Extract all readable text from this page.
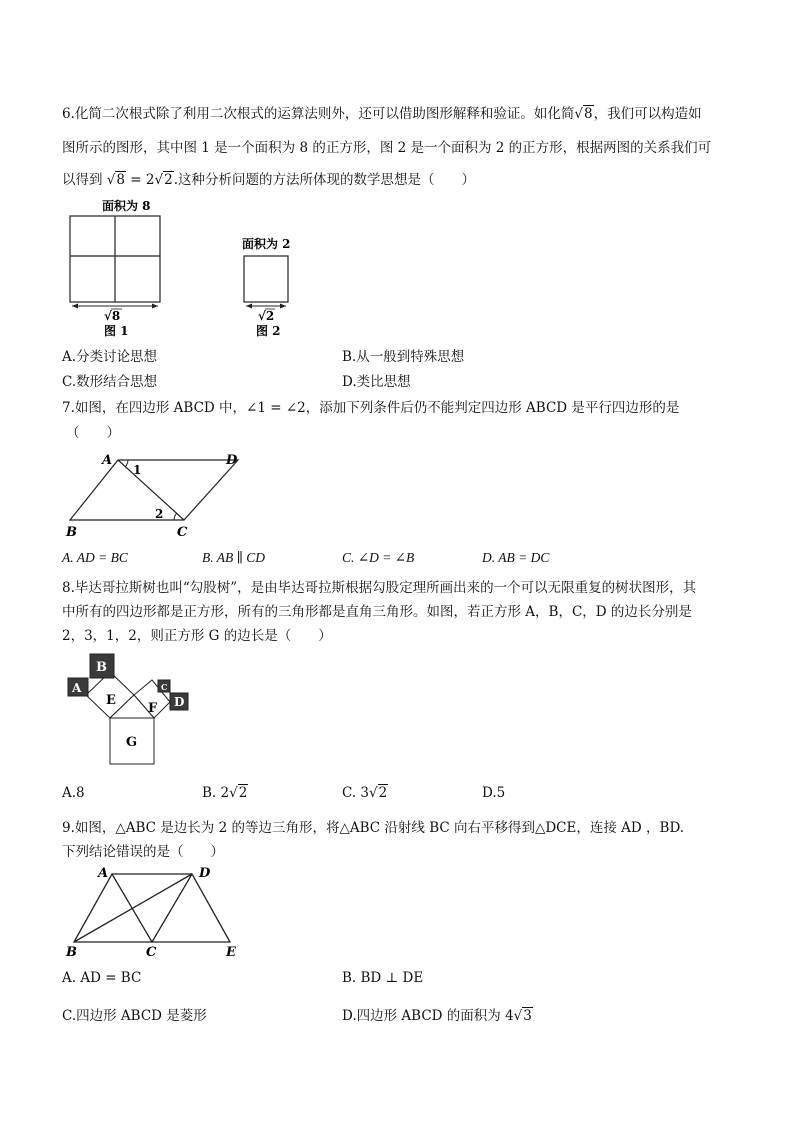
6.化简二次根式除了利用二次根式的运算法则外，还可以借助图形解释和验证。如化简√8，我们可以构造如
图所示的图形，其中图 1 是一个面积为 8 的正方形，图 2 是一个面积为 2 的正方形，根据两图的关系我们可
以得到 √8 = 2√2.这种分析问题的方法所体现的数学思想是（　　）
面积为 8
√8
图 1
面积为 2
√2
图 2
A.分类讨论思想	B.从一般到特殊思想
C.数形结合思想	D.类比思想
7.如图，在四边形 ABCD 中，∠1 = ∠2，添加下列条件后仍不能判定四边形 ABCD 是平行四边形的是
（　　）
A	D
B	C
1
2
A. AD = BC	B. AB ∥ CD	C. ∠D = ∠B	D. AB = DC
8.毕达哥拉斯树也叫“勾股树”，是由毕达哥拉斯根据勾股定理所画出来的一个可以无限重复的树状图形，其
中所有的四边形都是正方形，所有的三角形都是直角三角形。如图，若正方形 A，B，C，D 的边长分别是
2，3，1，2，则正方形 G 的边长是（　　）
B
A	C
D
E
F
G
A.8	B. 2√2	C. 3√2	D.5
9.如图，△ABC 是边长为 2 的等边三角形，将△ABC 沿射线 BC 向右平移得到△DCE，连接 AD ，BD.
下列结论错误的是（　　）
A	D
B	C	E
A. AD = BC	B. BD ⊥ DE
C.四边形 ABCD 是菱形	D.四边形 ABCD 的面积为 4√3
